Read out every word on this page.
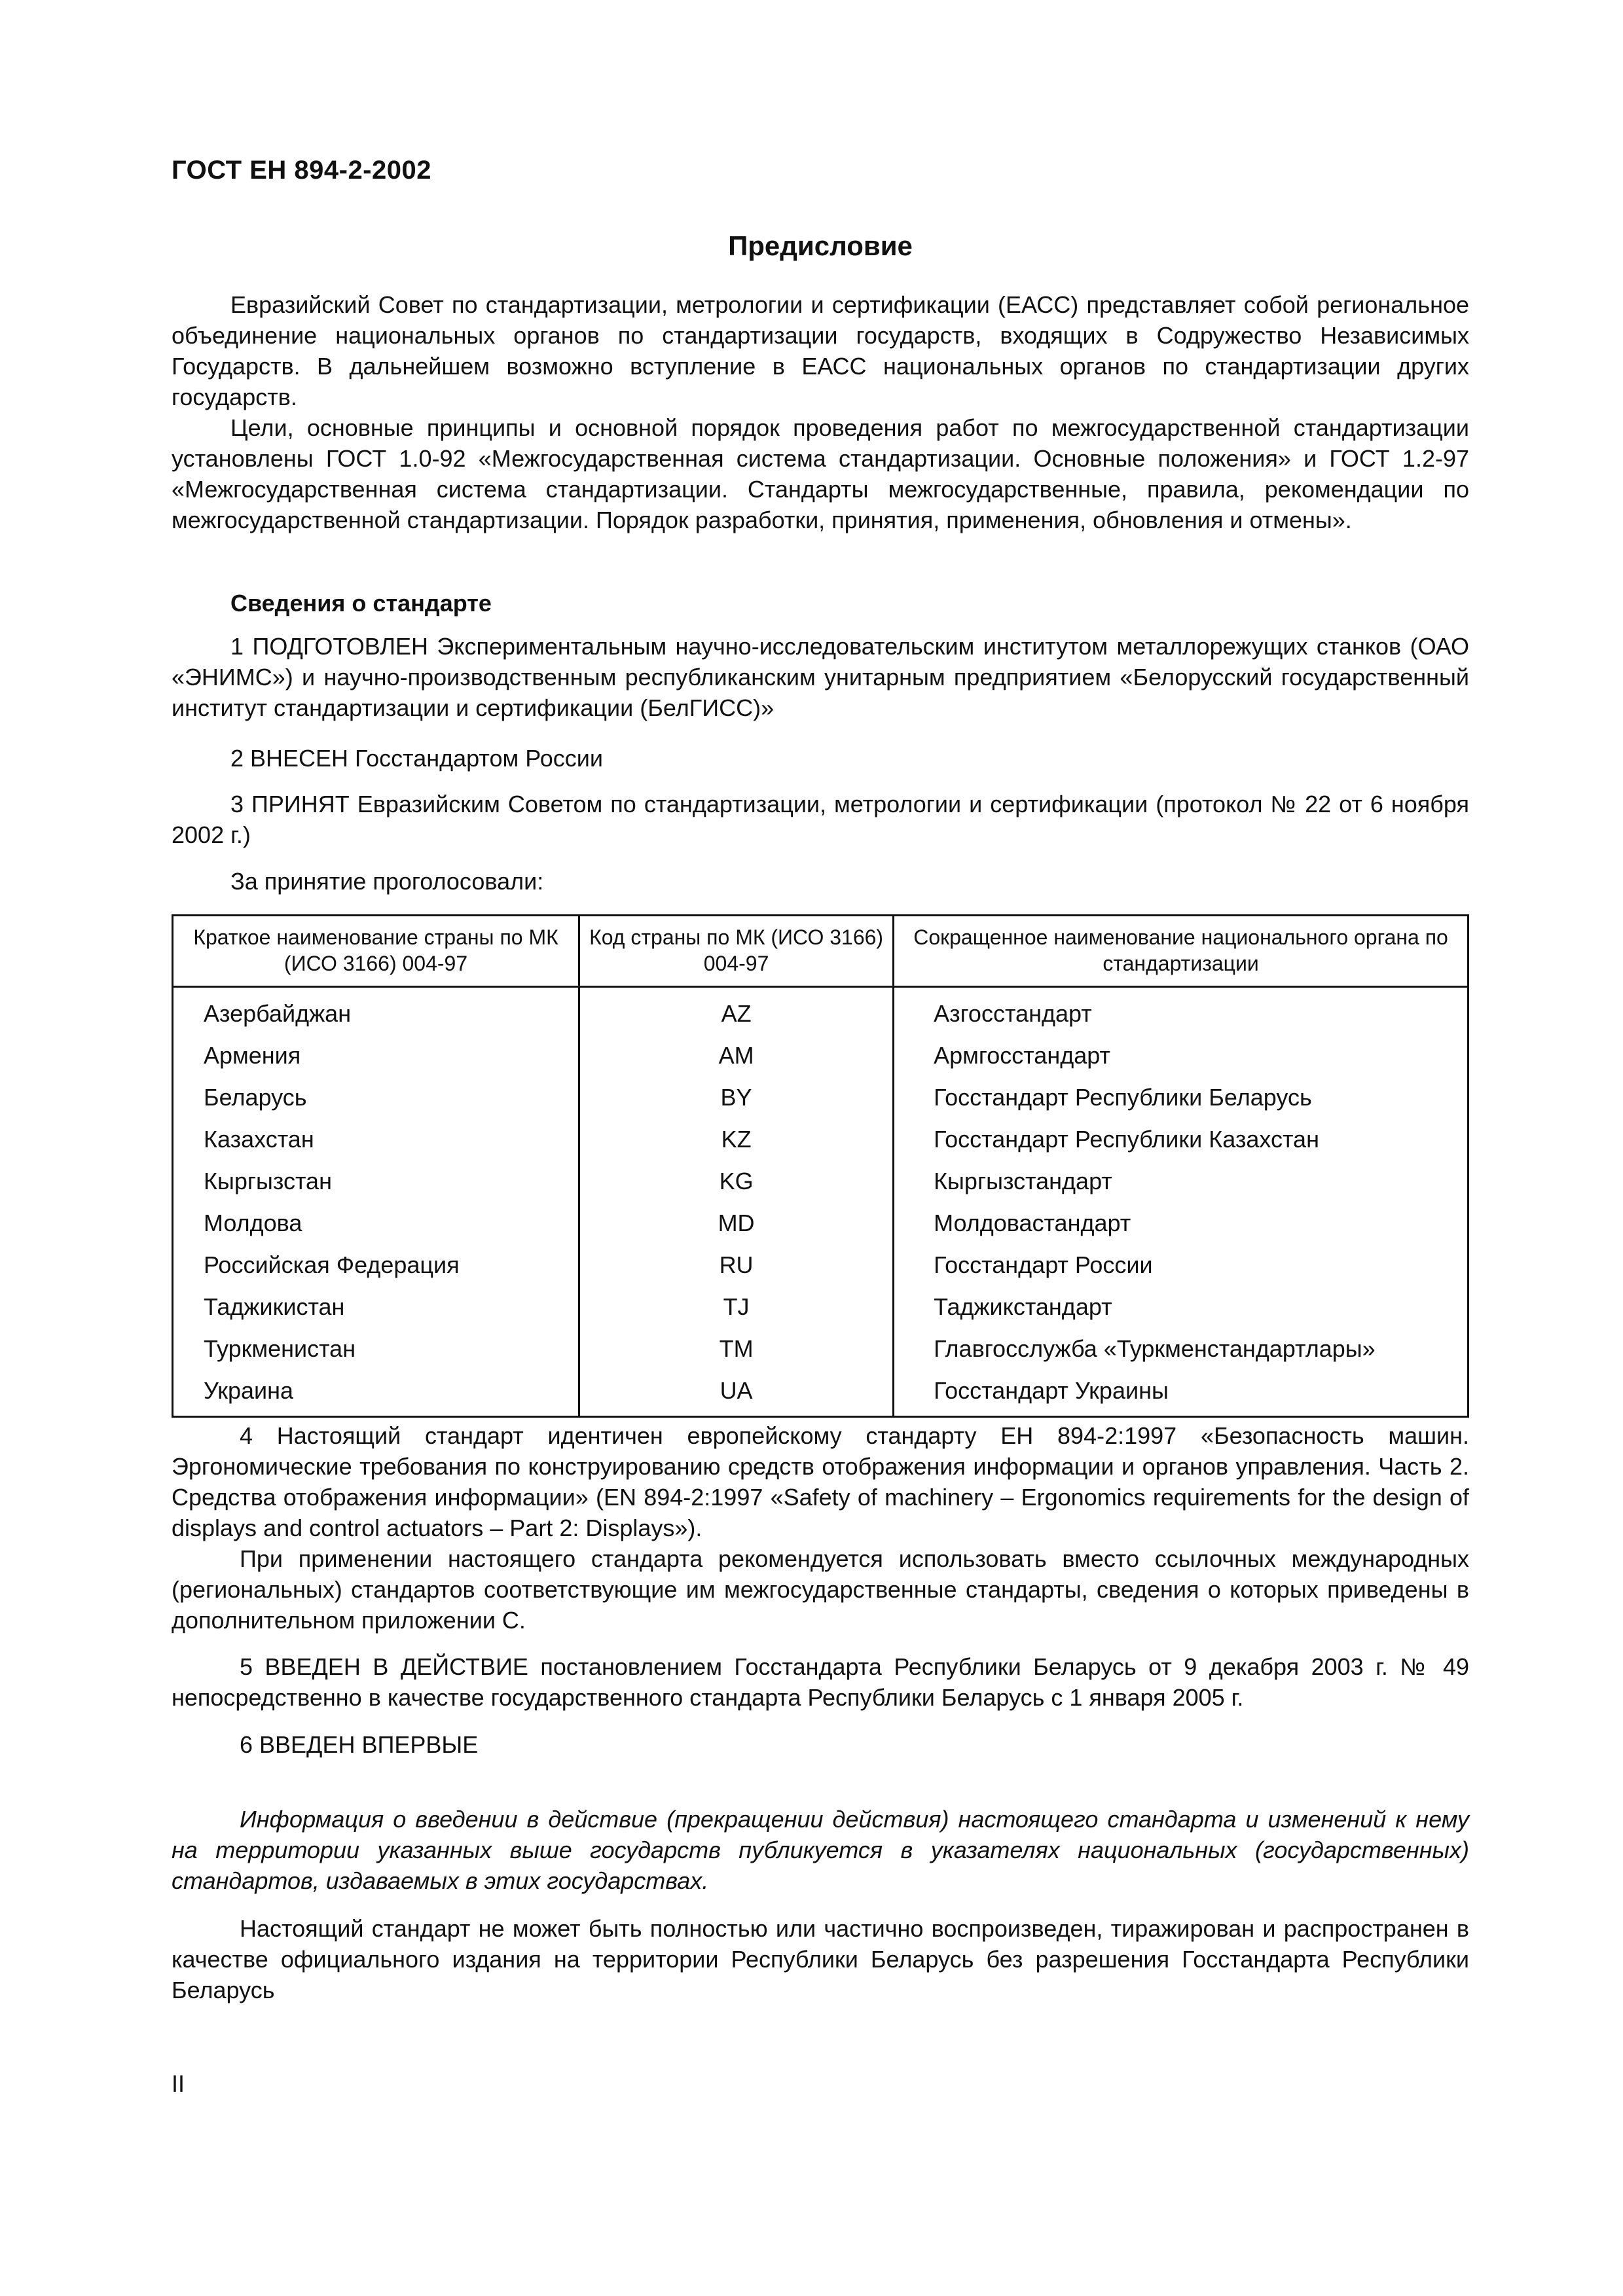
ГОСТ ЕН 894-2-2002
Предисловие

Евразийский Совет по стандартизации, метрологии и сертификации (ЕАСС) представляет собой региональное объединение национальных органов по стандартизации государств, входящих в Содружество Независимых Государств. В дальнейшем возможно вступление в ЕАСС национальных органов по стандартизации других государств.

Цели, основные принципы и основной порядок проведения работ по межгосударственной стандартизации установлены ГОСТ 1.0-92 «Межгосударственная система стандартизации. Основные положения» и ГОСТ 1.2-97 «Межгосударственная система стандартизации. Стандарты межгосударственные, правила, рекомендации по межгосударственной стандартизации. Порядок разработки, принятия, применения, обновления и отмены».

Сведения о стандарте

1 ПОДГОТОВЛЕН Экспериментальным научно-исследовательским институтом металлорежущих станков (ОАО «ЭНИМС») и научно-производственным республиканским унитарным предприятием «Белорусский государственный институт стандартизации и сертификации (БелГИСС)»

2 ВНЕСЕН Госстандартом России

3 ПРИНЯТ Евразийским Советом по стандартизации, метрологии и сертификации (протокол № 22 от 6 ноября 2002 г.)

За принятие проголосовали:

Краткое наименование страны по МК (ИСО 3166) 004-97	Код страны по МК (ИСО 3166) 004-97	Сокращенное наименование национального органа по стандартизации
Азербайджан	AZ	Азгосстандарт
Армения	AM	Армгосстандарт
Беларусь	BY	Госстандарт Республики Беларусь
Казахстан	KZ	Госстандарт Республики Казахстан
Кыргызстан	KG	Кыргызстандарт
Молдова	MD	Молдовастандарт
Российская Федерация	RU	Госстандарт России
Таджикистан	TJ	Таджикстандарт
Туркменистан	TM	Главгосслужба «Туркменстандартлары»
Украина	UA	Госстандарт Украины

4 Настоящий стандарт идентичен европейскому стандарту ЕН 894-2:1997 «Безопасность машин. Эргономические требования по конструированию средств отображения информации и органов управления. Часть 2. Средства отображения информации» (EN 894-2:1997 «Safety of machinery – Ergonomics requirements for the design of displays and control actuators – Part 2: Displays»).

При применении настоящего стандарта рекомендуется использовать вместо ссылочных международных (региональных) стандартов соответствующие им межгосударственные стандарты, сведения о которых приведены в дополнительном приложении С.

5 ВВЕДЕН В ДЕЙСТВИЕ постановлением Госстандарта Республики Беларусь от 9 декабря 2003 г. № 49 непосредственно в качестве государственного стандарта Республики Беларусь с 1 января 2005 г.

6 ВВЕДЕН ВПЕРВЫЕ

Информация о введении в действие (прекращении действия) настоящего стандарта и изменений к нему на территории указанных выше государств публикуется в указателях национальных (государственных) стандартов, издаваемых в этих государствах.

Настоящий стандарт не может быть полностью или частично воспроизведен, тиражирован и распространен в качестве официального издания на территории Республики Беларусь без разрешения Госстандарта Республики Беларусь

II
